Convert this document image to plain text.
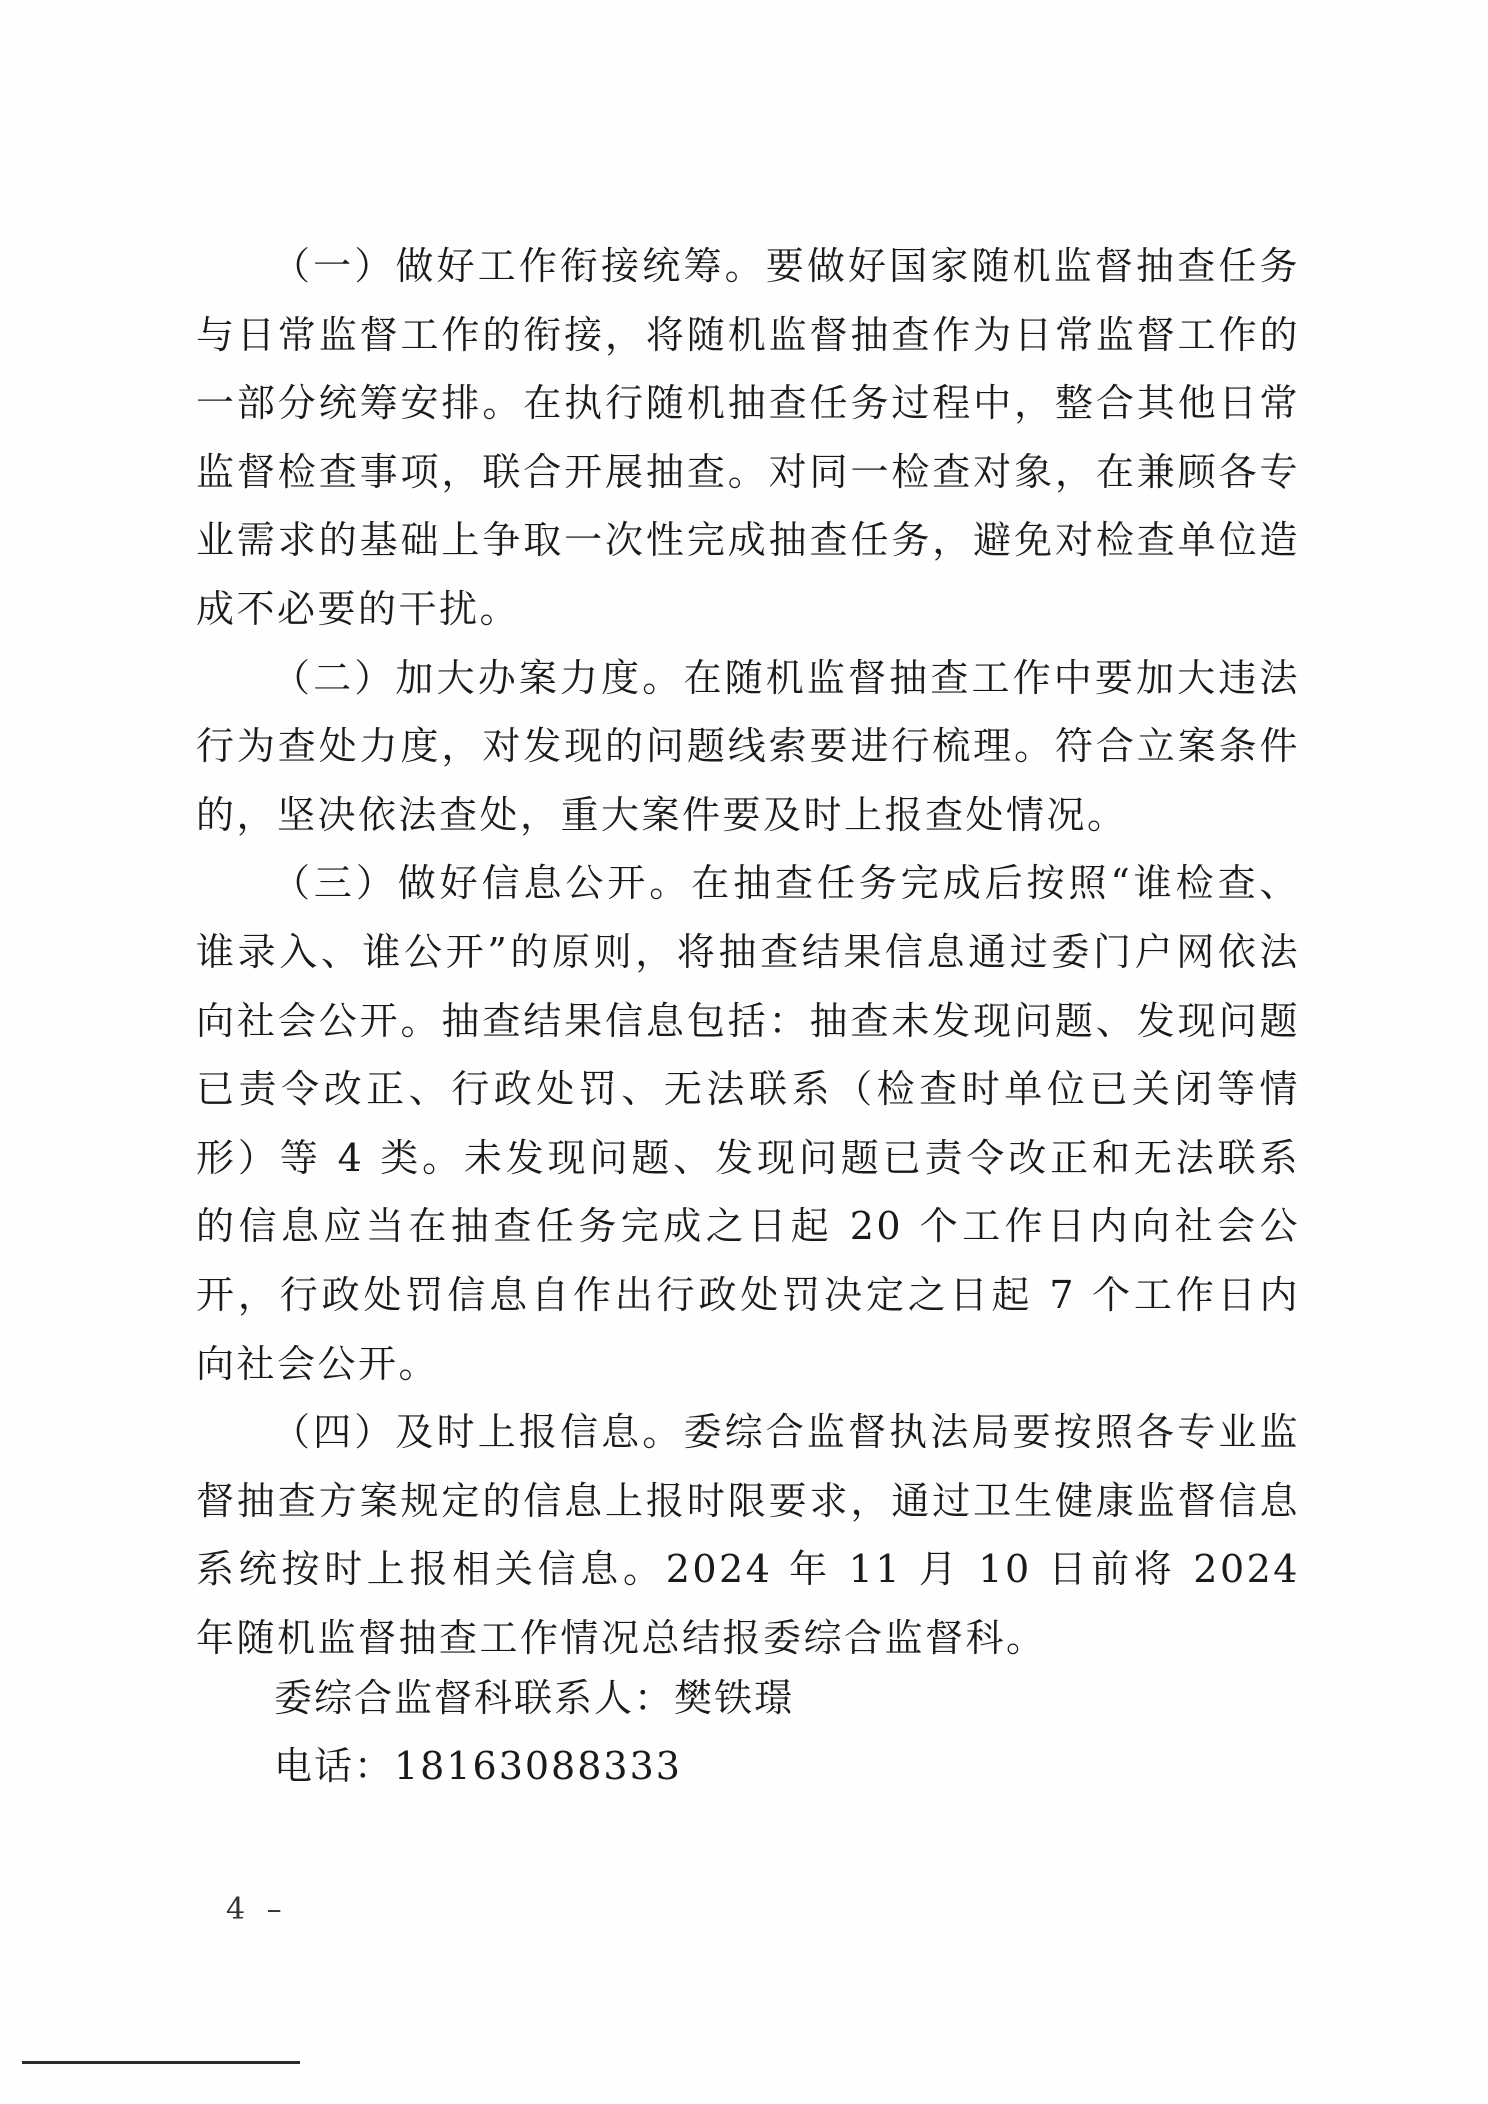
（一）做好工作衔接统筹。要做好国家随机监督抽查任务与日常监督工作的衔接，将随机监督抽查作为日常监督工作的一部分统筹安排。在执行随机抽查任务过程中，整合其他日常监督检查事项，联合开展抽查。对同一检查对象，在兼顾各专业需求的基础上争取一次性完成抽查任务，避免对检查单位造成不必要的干扰。

（二）加大办案力度。在随机监督抽查工作中要加大违法行为查处力度，对发现的问题线索要进行梳理。符合立案条件的，坚决依法查处，重大案件要及时上报查处情况。

（三）做好信息公开。在抽查任务完成后按照“谁检查、谁录入、谁公开”的原则，将抽查结果信息通过委门户网依法向社会公开。抽查结果信息包括：抽查未发现问题、发现问题已责令改正、行政处罚、无法联系（检查时单位已关闭等情形）等 4 类。未发现问题、发现问题已责令改正和无法联系的信息应当在抽查任务完成之日起 20 个工作日内向社会公开，行政处罚信息自作出行政处罚决定之日起 7 个工作日内向社会公开。

（四）及时上报信息。委综合监督执法局要按照各专业监督抽查方案规定的信息上报时限要求，通过卫生健康监督信息系统按时上报相关信息。2024 年 11 月 10 日前将 2024 年随机监督抽查工作情况总结报委综合监督科。

委综合监督科联系人：樊铁璟
电话：18163088333
4 –
